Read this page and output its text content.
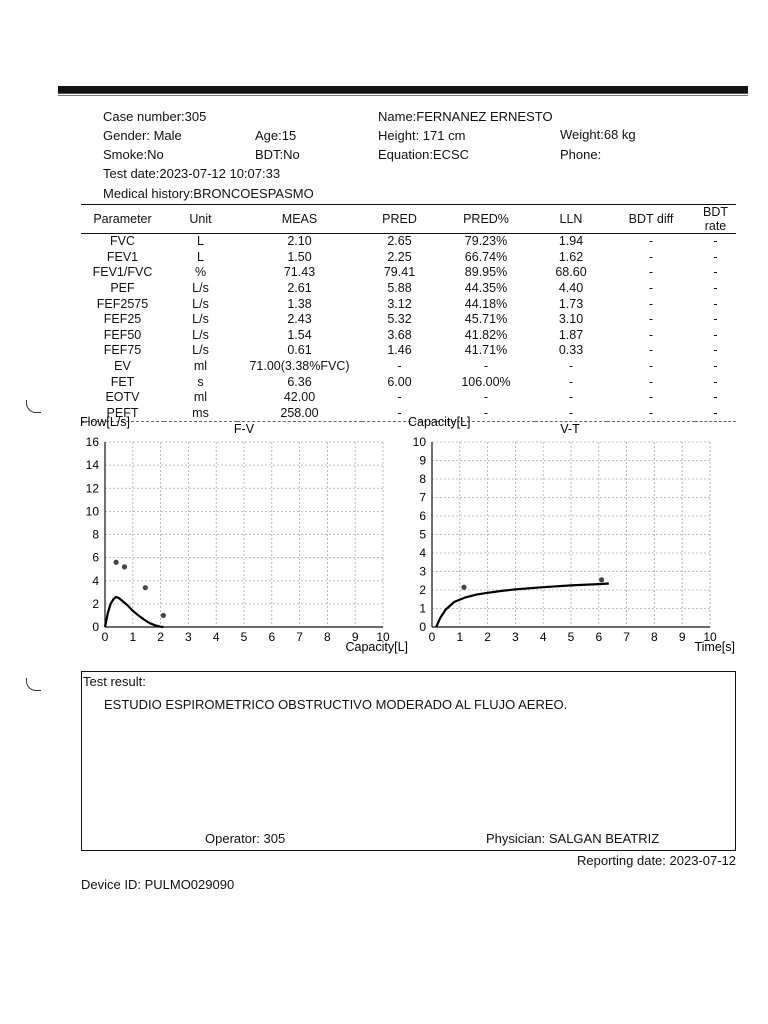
Case number:305	Name:FERNANEZ ERNESTO
Gender: Male	Age:15	Height: 171 cm	Weight:68 kg
Smoke:No	BDT:No	Equation:ECSC	Phone:
Test date:2023-07-12 10:07:33
Medical history:BRONCOESPASMO
Parameter	Unit	MEAS	PRED	PRED%	LLN	BDT diff	BDT rate
FVC	L	2.10	2.65	79.23%	1.94	-	-
FEV1	L	1.50	2.25	66.74%	1.62	-	-
FEV1/FVC	%	71.43	79.41	89.95%	68.60	-	-
PEF	L/s	2.61	5.88	44.35%	4.40	-	-
FEF2575	L/s	1.38	3.12	44.18%	1.73	-	-
FEF25	L/s	2.43	5.32	45.71%	3.10	-	-
FEF50	L/s	1.54	3.68	41.82%	1.87	-	-
FEF75	L/s	0.61	1.46	41.71%	0.33	-	-
EV	ml	71.00(3.38%FVC)	-	-	-	-	-
FET	s	6.36	6.00	106.00%	-	-	-
EOTV	ml	42.00	-	-	-	-	-
PEFT	ms	258.00	-	-	-	-	-
Flow[L/s]	F-V
Capacity[L]
0 1 2 3 4 5 6 7 8 9 10
0
2
4
6
8
10
12
14
16
Capacity[L]	V-T
Time[s]
0 1 2 3 4 5 6 7 8 9 10
0
1
2
3
4
5
6
7
8
9
10
Test result:
ESTUDIO ESPIROMETRICO OBSTRUCTIVO MODERADO AL FLUJO AEREO.
Operator: 305	Physician: SALGAN BEATRIZ
Reporting date: 2023-07-12
Device ID: PULMO029090
